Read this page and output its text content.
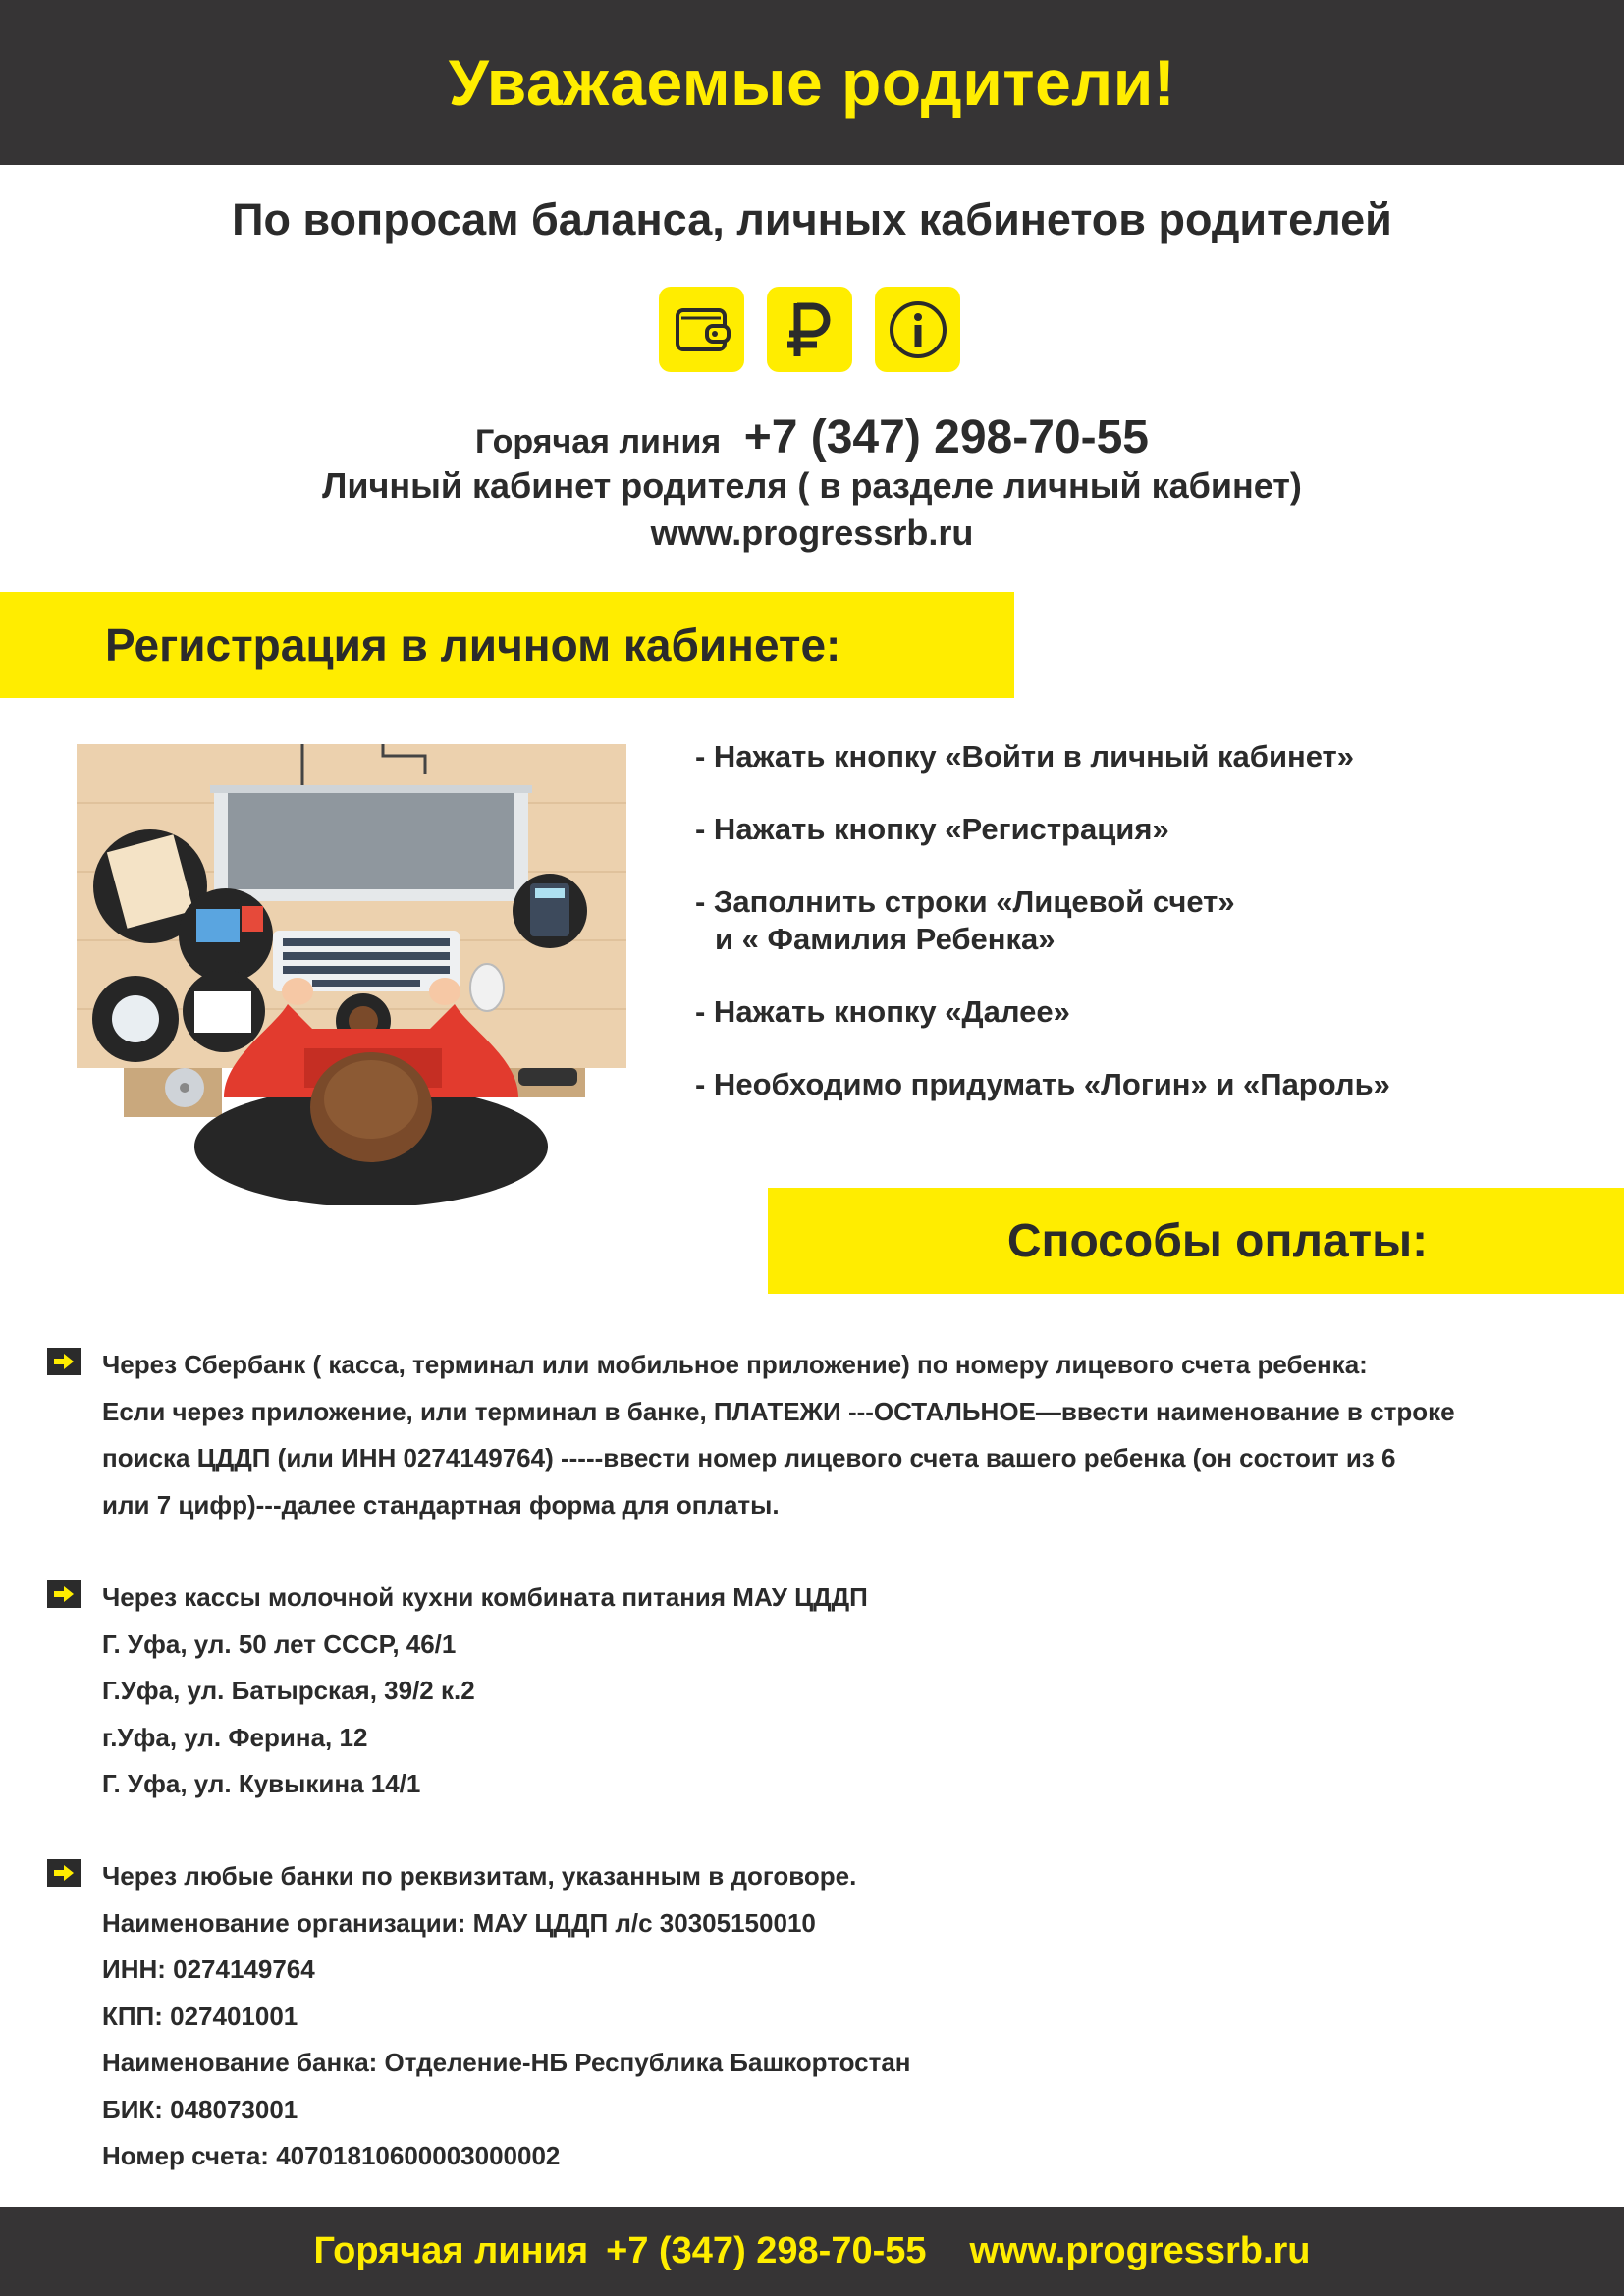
Уважаемые родители!
По вопросам баланса, личных кабинетов родителей
Горячая линия +7 (347) 298-70-55
Личный кабинет родителя ( в разделе личный кабинет)
www.progressrb.ru
Регистрация в личном кабинете:
- Нажать кнопку «Войти в личный кабинет»
- Нажать кнопку «Регистрация»
- Заполнить строки «Лицевой счет»
и « Фамилия Ребенка»
- Нажать кнопку «Далее»
- Необходимо придумать «Логин» и «Пароль»
Способы оплаты:
Через Сбербанк ( касса, терминал или мобильное приложение) по номеру лицевого счета ребенка:
Если через приложение, или терминал в банке, ПЛАТЕЖИ ---ОСТАЛЬНОЕ—ввести наименование в строке
поиска ЦДДП (или ИНН 0274149764) -----ввести номер лицевого счета вашего ребенка (он состоит из 6
или 7 цифр)---далее стандартная форма для оплаты.
Через кассы молочной кухни комбината питания МАУ ЦДДП
Г. Уфа, ул. 50 лет СССР, 46/1
Г.Уфа, ул. Батырская, 39/2 к.2
г.Уфа, ул. Ферина, 12
Г. Уфа, ул. Кувыкина 14/1
Через любые банки по реквизитам, указанным в договоре.
Наименование организации: МАУ ЦДДП л/с 30305150010
ИНН: 0274149764
КПП: 027401001
Наименование банка: Отделение-НБ Республика Башкортостан
БИК: 048073001
Номер счета: 40701810600003000002
Горячая линия +7 (347) 298-70-55 www.progressrb.ru
